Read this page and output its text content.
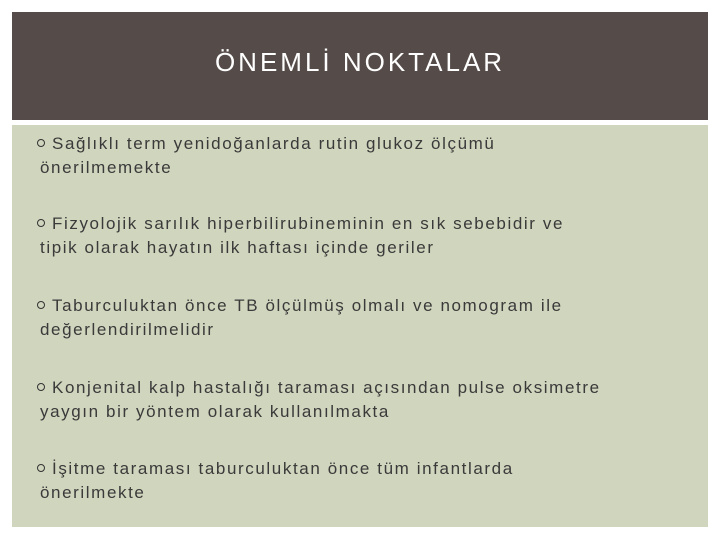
ÖNEMLİ NOKTALAR
Sağlıklı term yenidoğanlarda rutin glukoz ölçümü
önerilmemekte
Fizyolojik sarılık hiperbilirubineminin en sık sebebidir ve
tipik olarak hayatın ilk haftası içinde geriler
Taburculuktan önce TB ölçülmüş olmalı ve nomogram ile
değerlendirilmelidir
Konjenital kalp hastalığı taraması açısından pulse oksimetre
yaygın bir yöntem olarak kullanılmakta
İşitme taraması taburculuktan önce tüm infantlarda
önerilmekte
